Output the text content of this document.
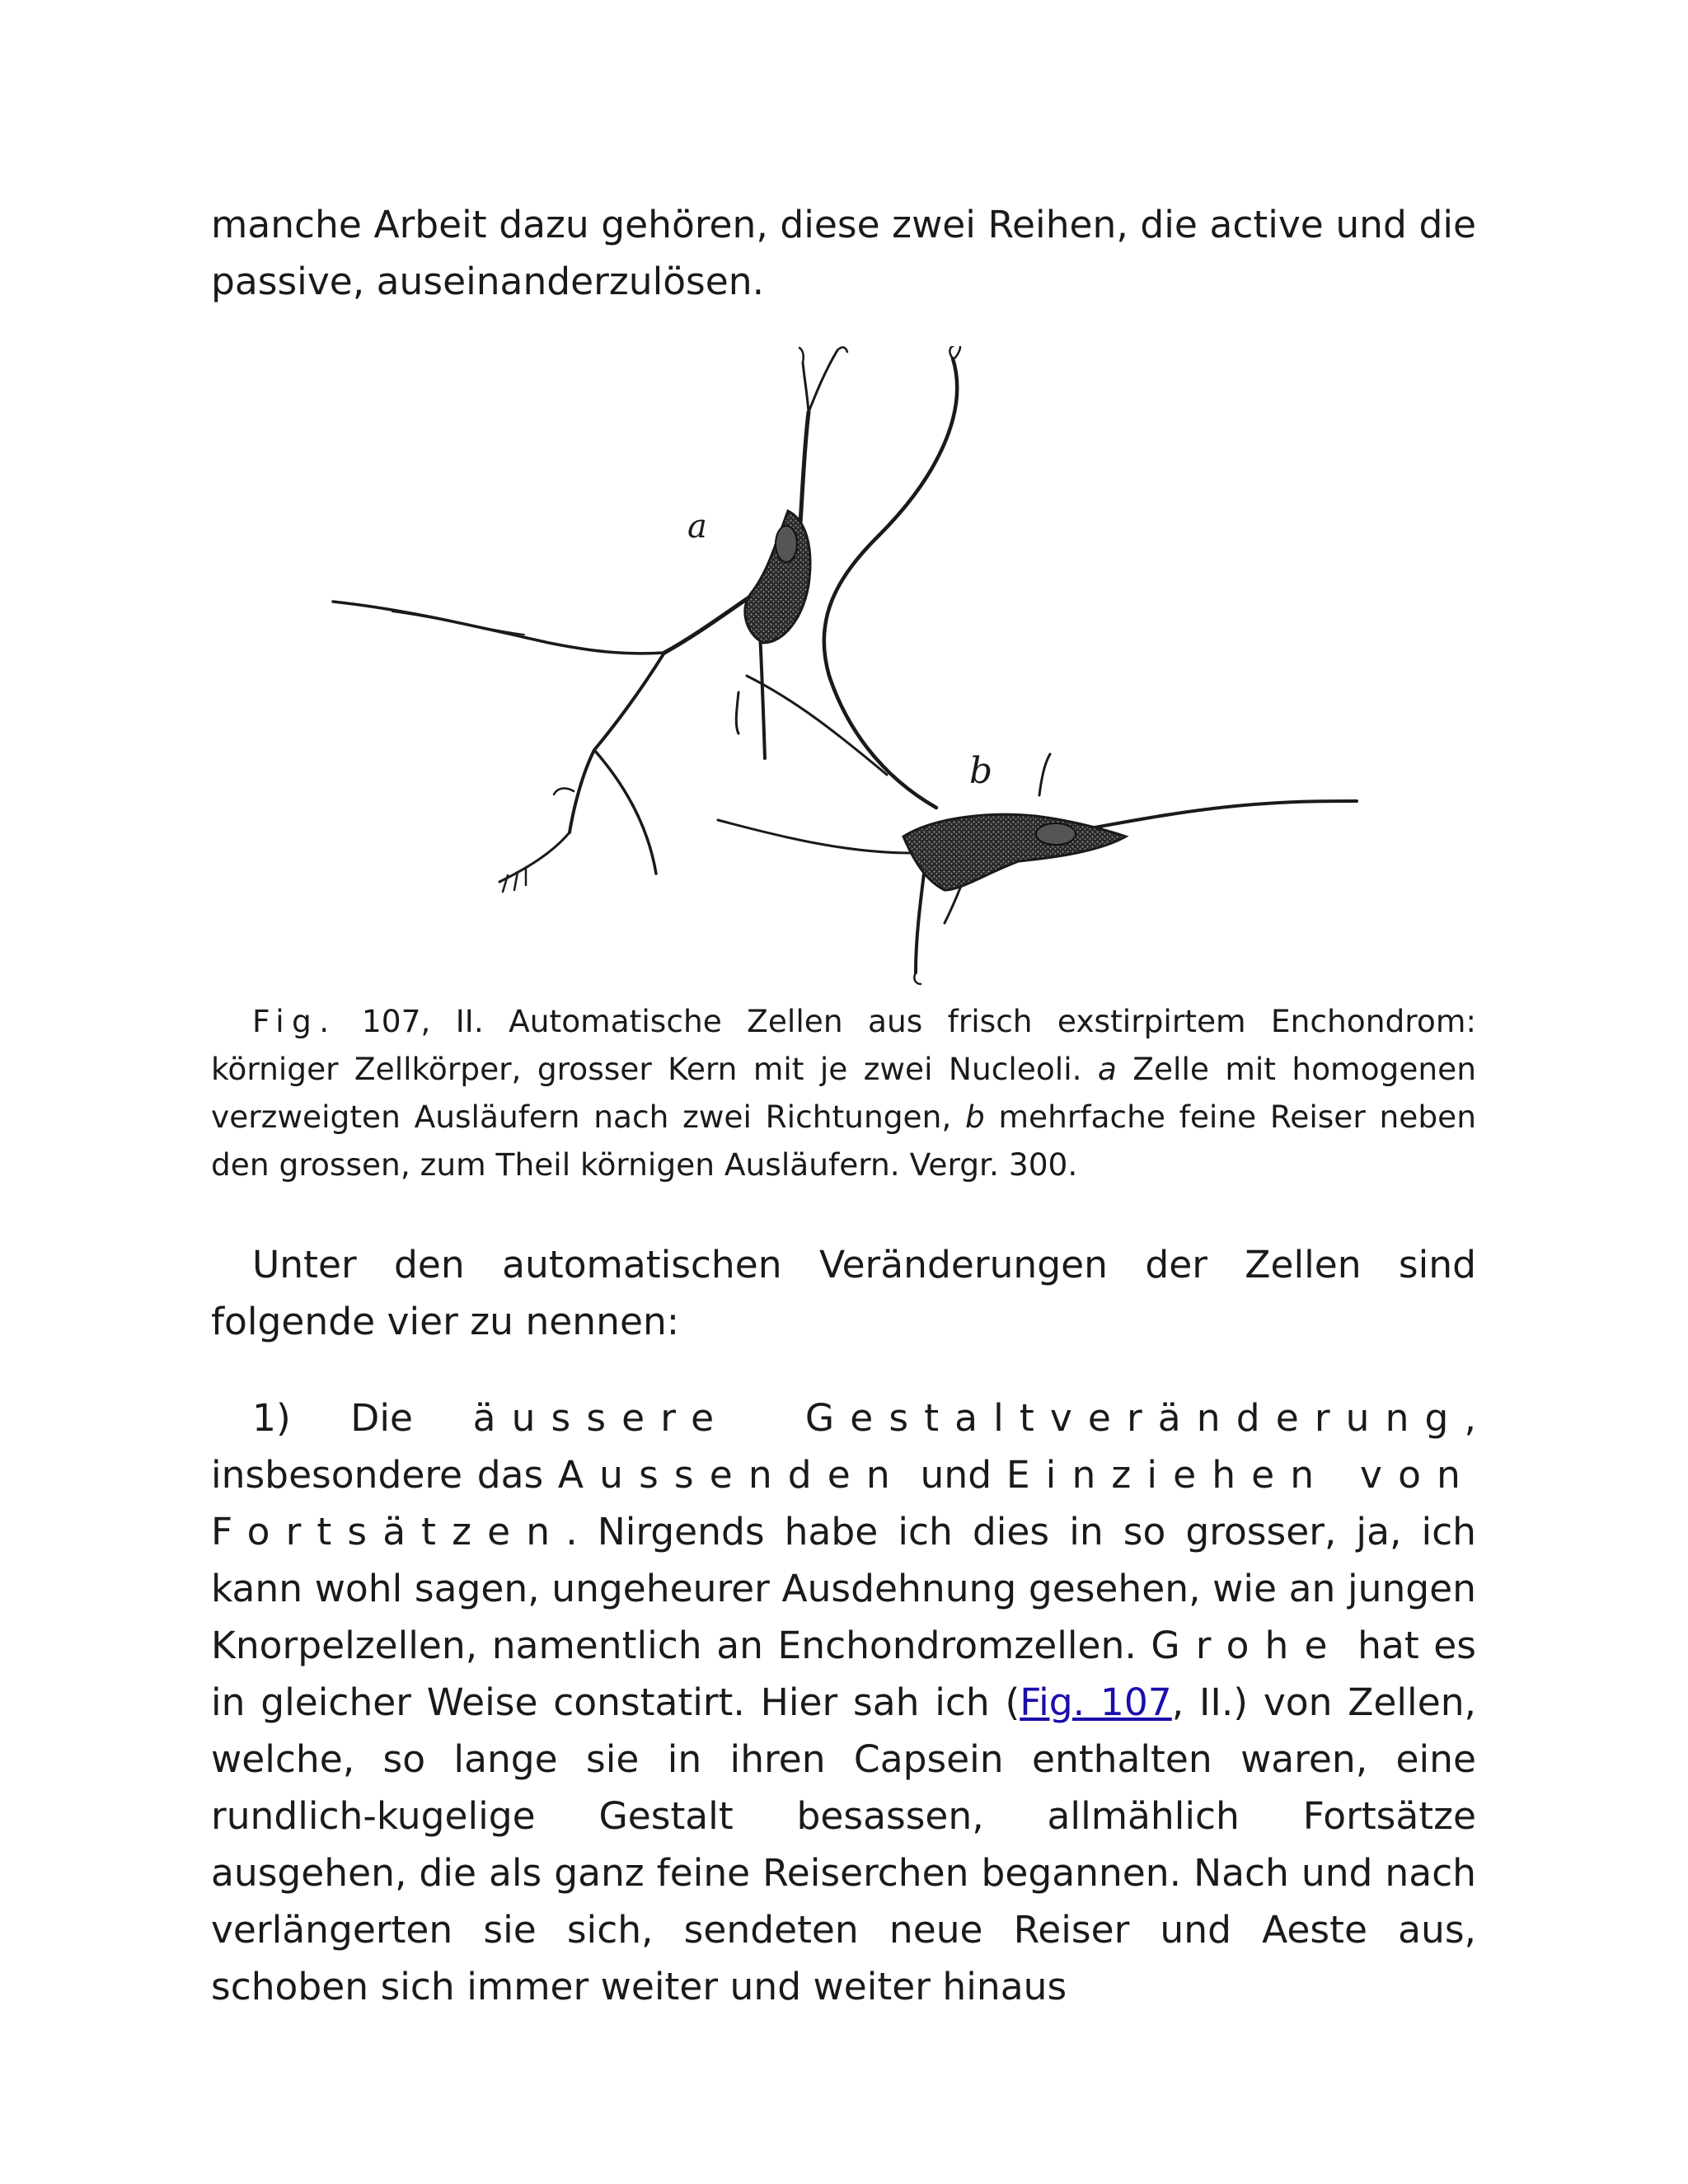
manche Arbeit dazu gehören, diese zwei Reihen, die active und die passive, auseinanderzulösen.

a
b

Fig. 107, II. Automatische Zellen aus frisch exstirpirtem Enchondrom: körniger Zellkörper, grosser Kern mit je zwei Nucleoli. a Zelle mit homogenen verzweigten Ausläufern nach zwei Richtungen, b mehrfache feine Reiser neben den grossen, zum Theil körnigen Ausläufern. Vergr. 300.

Unter den automatischen Veränderungen der Zellen sind folgende vier zu nennen:

1) Die äussere Gestaltveränderung, insbesondere das Aussenden und Einziehen von Fortsätzen. Nirgends habe ich dies in so grosser, ja, ich kann wohl sagen, ungeheurer Ausdehnung gesehen, wie an jungen Knorpelzellen, namentlich an Enchondromzellen. Grohe hat es in gleicher Weise constatirt. Hier sah ich (Fig. 107, II.) von Zellen, welche, so lange sie in ihren Capsein enthalten waren, eine rundlich-kugelige Gestalt besassen, allmählich Fortsätze ausgehen, die als ganz feine Reiserchen begannen. Nach und nach verlängerten sie sich, sendeten neue Reiser und Aeste aus, schoben sich immer weiter und weiter hinaus
